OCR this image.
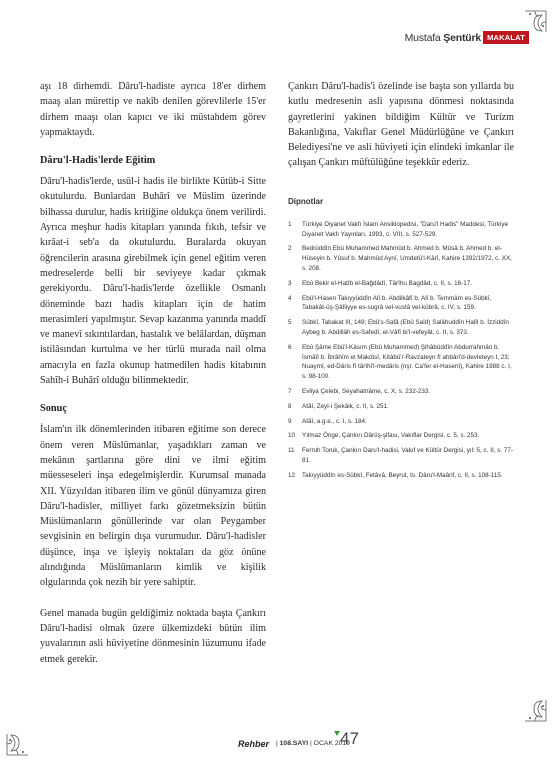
Mustafa Şentürk MAKALAT

aşı 18 dirhemdi. Dâru'l-hadiste ayrıca 18'er dirhem maaş alan mürettip ve nakîb denilen görevlilerle 15'er dirhem maaşı olan kapıcı ve iki müstahdem görev yapmaktaydı.

Dâru'l-Hadis'lerde Eğitim

Dâru'l-hadis'lerde, usûl-i hadis ile birlikte Kütüb-i Sitte okutulurdu. Bunlardan Buhârî ve Müslim üzerinde bilhassa durulur, hadis kritiğine oldukça önem verilirdi. Ayrıca meşhur hadis kitapları yanında fıkıh, tefsir ve kırâat-i seb'a da okutulurdu. Buralarda okuyan öğrencilerin arasına girebilmek için genel eğitim veren medreselerde belli bir seviyeye kadar çıkmak gerekiyordu. Dâru'l-hadis'lerde özellikle Osmanlı döneminde bazı hadis kitapları için de hatim merasimleri yapılmıştır. Sevap kazanma yanında maddî ve manevî sıkıntılardan, hastalık ve belâlardan, düşman istilâsından kurtulma ve her türlü murada nail olma amacıyla en fazla okunup hatmedilen hadis kitabının Sahîh-i Buhârî olduğu bilinmektedir.

Sonuç

İslam'ın ilk dönemlerinden itibaren eğitime son derece önem veren Müslümanlar, yaşadıkları zaman ve mekânın şartlarına göre dini ve ilmi eğitim müesseseleri inşa edegelmişlerdir. Kurumsal manada XII. Yüzyıldan itibaren ilim ve gönül dünyamıza giren Dâru'l-hadisler, milliyet farkı gözetmeksizin bütün Müslümanların gönüllerinde var olan Peygamber sevgisinin en belirgin dışa vurumudur. Dâru'l-hadisler düşünce, inşa ve işleyiş noktaları da göz önüne alındığında Müslümanların kimlik ve kişilik olgularında çok nezih bir yere sahiptir.

Genel manada bugün geldiğimiz noktada başta Çankırı Dâru'l-hadisi olmak üzere ülkemizdeki bütün ilim yuvalarının asli hüviyetine dönmesinin lüzumunu ifade etmek gerekir.

Çankırı Dâru'l-hadis'i özelinde ise başta son yıllarda bu kutlu medresenin asli yapısına dönmesi noktasında gayretlerini yakinen bildiğim Kültür ve Turizm Bakanlığına, Vakıflar Genel Müdürlüğüne ve Çankırı Belediyesi'ne ve asli hüviyeti için elindeki imkanlar ile çalışan Çankırı müftülüğüne teşekkür ederiz.

Dipnotlar
1	Türkiye Diyanet Vakfı İslam Ansiklopedisi, "Daru'l Hadis" Maddesi, Türkiye Diyanet Vakfı Yayınları, 1993, c. VIII, s. 527-529.
2	Bedrüddîn Ebü Muhammed Mahmûd b. Ahmed b. Mûsâ b. Ahmed b. el-Hüseyin b. Yûsuf b. Mahmûd Aynî, Umdetü'l-Kârî, Kahire 1392/1972, c. XX, s. 208.
3	Ebû Bekir el-Hatîb el-Bağdâdî, Târîhu Bagdâd, c. II, s. 16-17.
4	Ebü'l-Hasen Takıyyüddîn Alî b. Abdilkâfî b. Alî b. Temmâm es-Sübkî, Tabakât-üş-Şâfiiyye es-sugrâ vel-vustâ vel-kübrâ, c. IV, s. 159.
5	Sübkî, Tabakat III, 149; Ebû's-Safâ (Ebû Saîd) Salâhuddîn Halîl b. İzziddîn Aybeg b. Abdillâh es-Safedî, el-Vâfî bi'l-vefeyât, c. II, s. 373.
6	Ebû Şâme Ebü'l-Kâsım (Ebû Muhammed) Şihâbüddîn Abdurrahmân b. İsmâîl b. İbrâhîm el Makdisî, Kitâbü'r-Ravzateyn fî ahbâri'd-devleteyn I, 23; Nuaymî, ed-Dâris fî târîhi'l-medâris (nşr. Ca'fer el-Hasenî), Kahire 1988 c. I, s. 98-100.
7	Evliya Çelebi, Seyahatnâme, c. X, s. 232-233.
8	Atâî, Zeyl-i Şekâik, c. II, s. 251.
9	Atâî, a.g.e., c. I, s. 184.
10	Yılmaz Önge, Çankırı Dârüş-şifası, Vakıflar Dergisi, c. 5, s. 253.
11	Ferruh Toruk, Çankırı Daru'l-hadisi, Vakıf ve Kültür Dergisi, yıl: 5, c. II, s. 77-81.
12	Takıyyüddîn es-Sübkî, Fetâvâ, Beyrut, ts. Dâru'l-Maârif, c. II, s. 108-115.
Rehber | 108.SAYI | OCAK 2019
47
